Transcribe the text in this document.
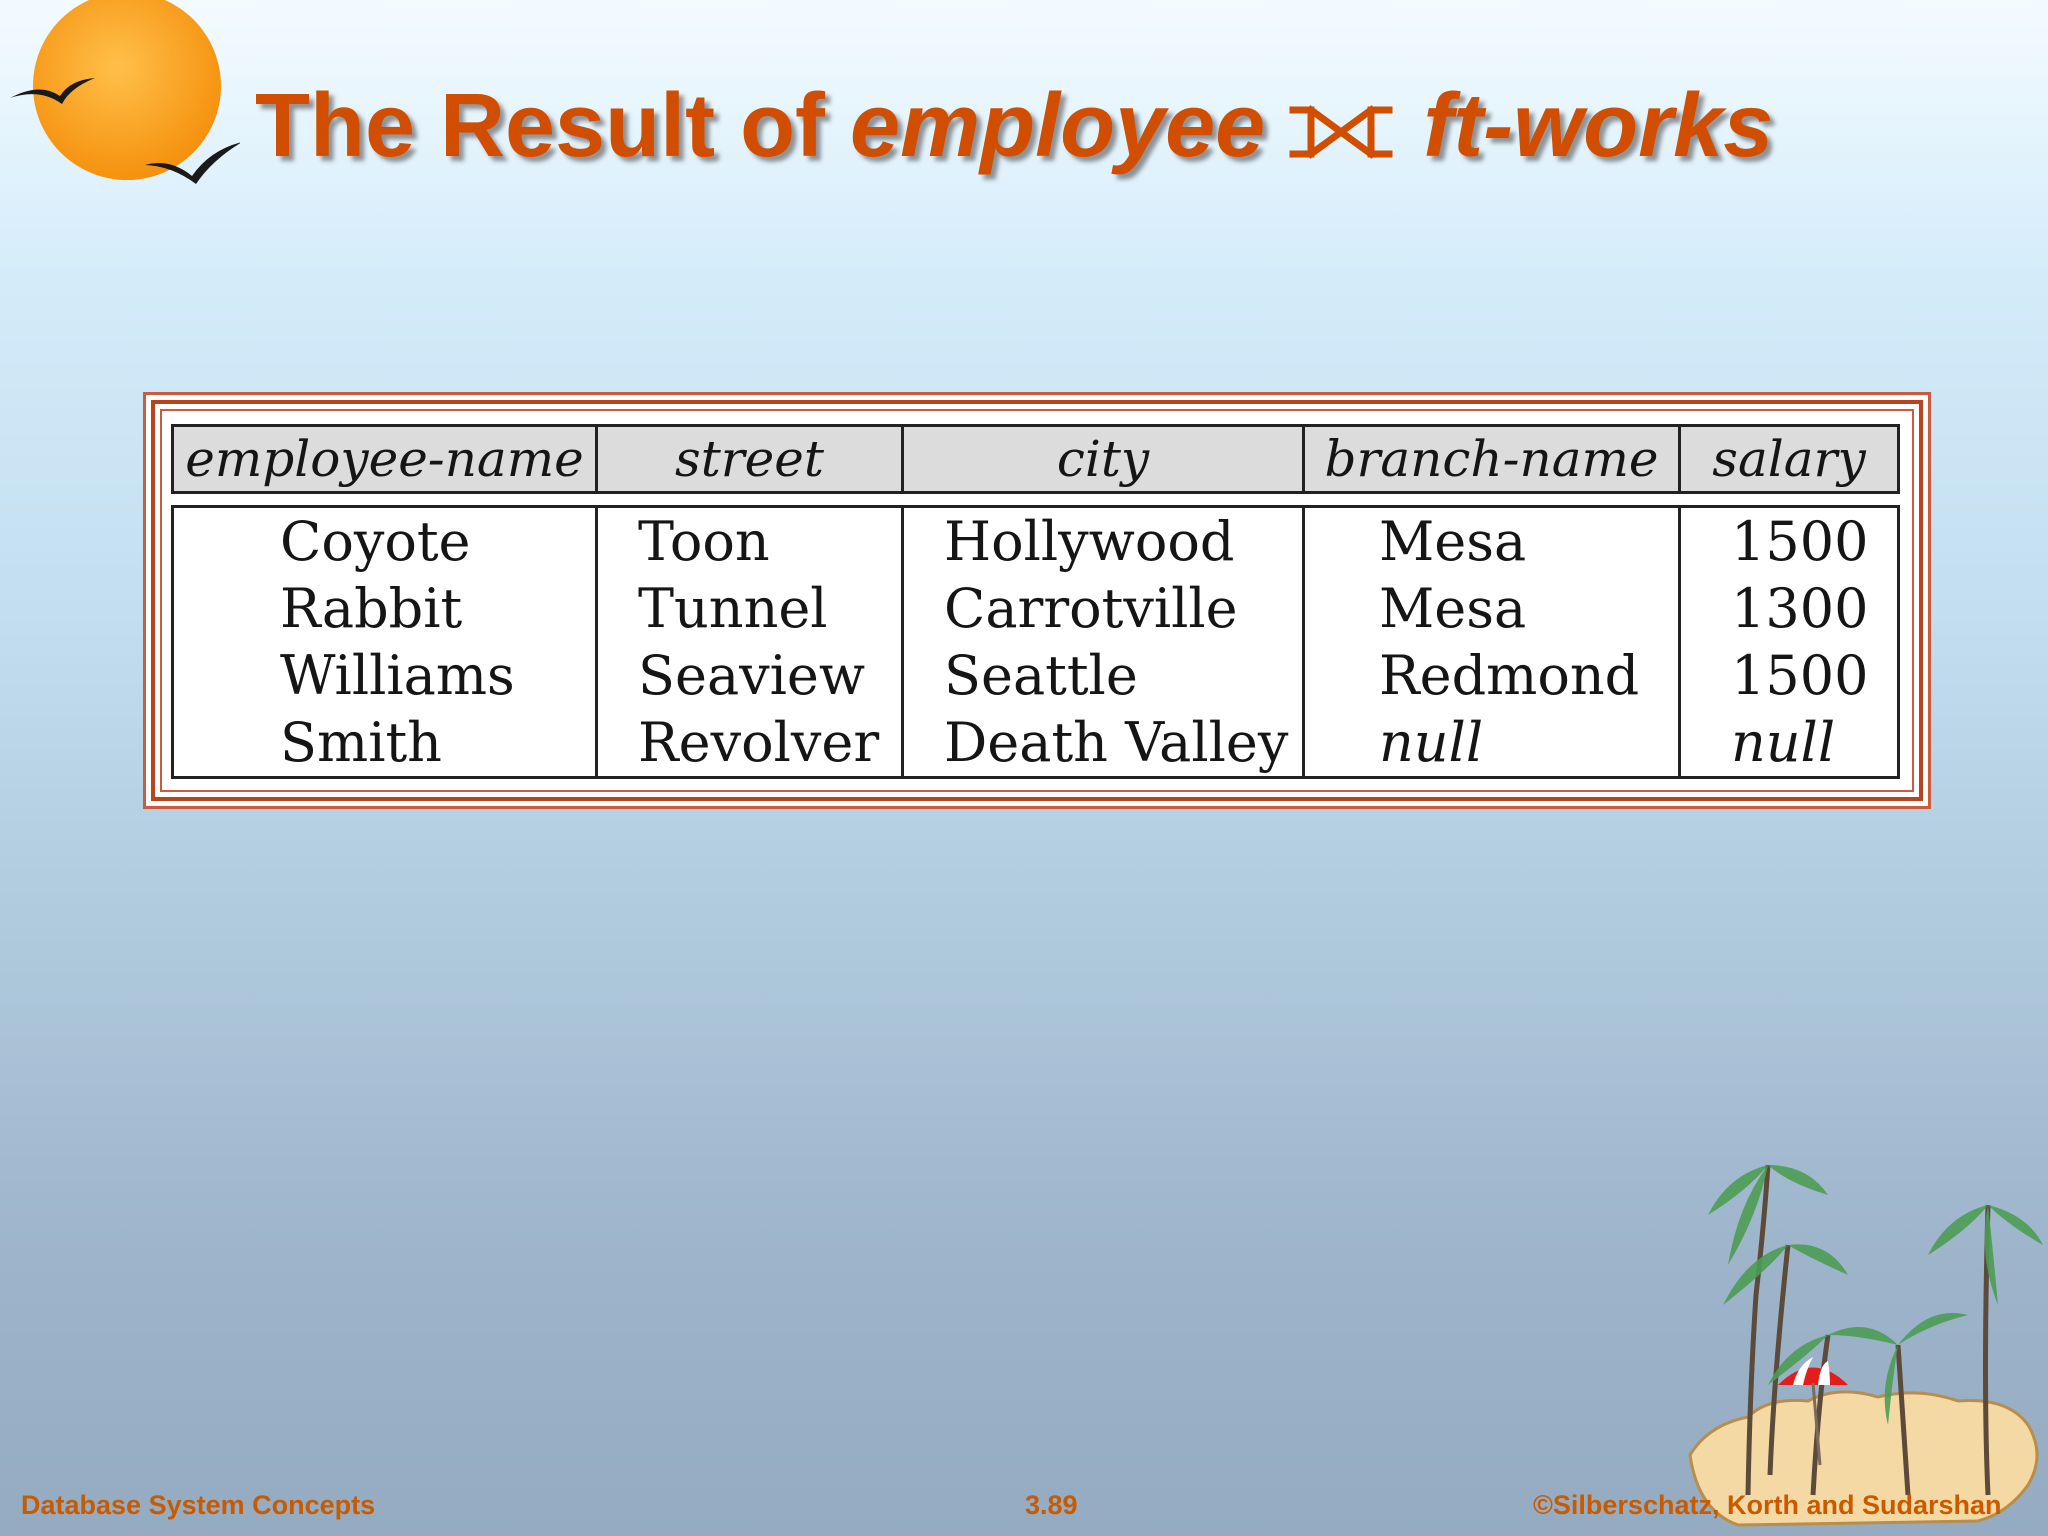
The Result of employee ft-works
employee-name	street	city	branch-name	salary
Coyote	Toon	Hollywood	Mesa	1500
Rabbit	Tunnel	Carrotville	Mesa	1300
Williams	Seaview	Seattle	Redmond	1500
Smith	Revolver	Death Valley	null	null
Database System Concepts	3.89	©Silberschatz, Korth and Sudarshan
